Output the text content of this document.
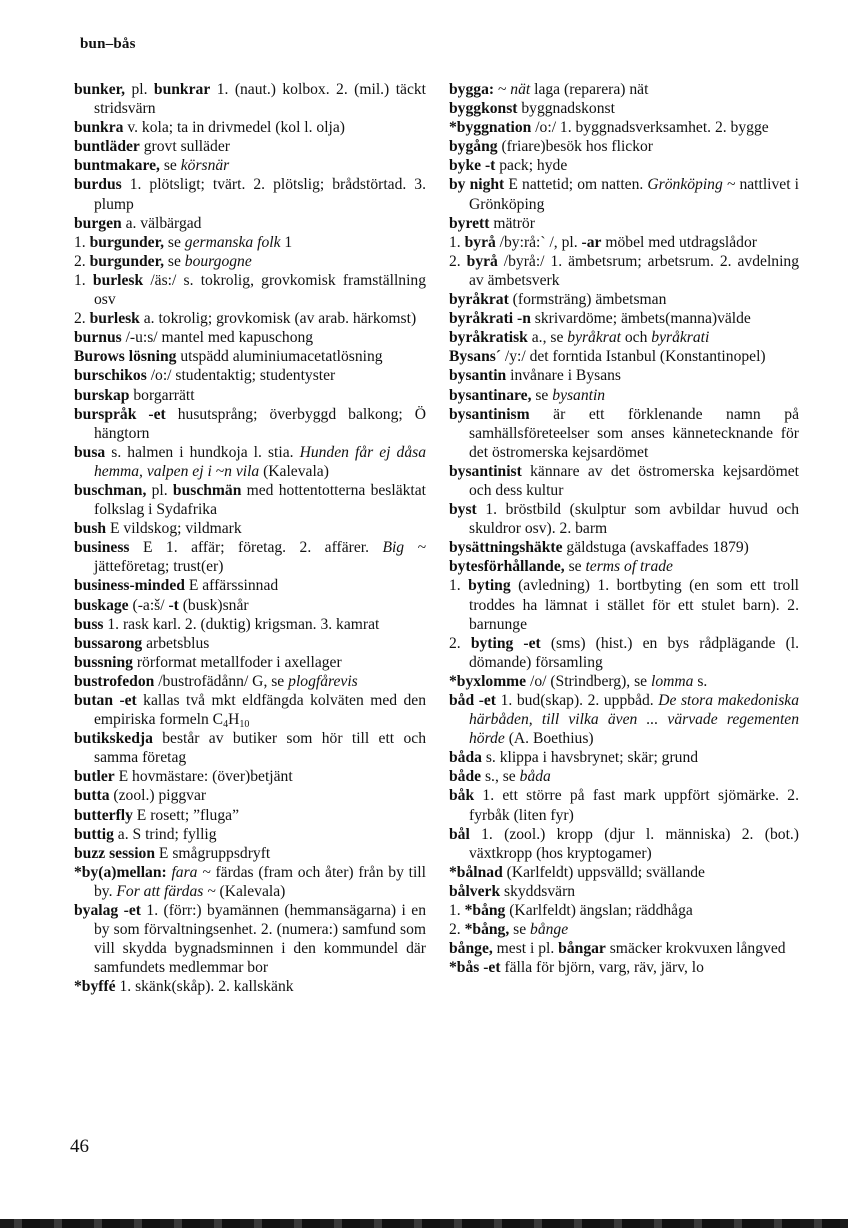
bun–bås

bunker, pl. bunkrar 1. (naut.) kolbox. 2. (mil.) täckt stridsvärn

bunkra v. kola; ta in drivmedel (kol l. olja)

buntläder grovt sulläder

buntmakare, se körsnär

burdus 1. plötsligt; tvärt. 2. plötslig; brådstörtad. 3. plump

burgen a. välbärgad

1. burgunder, se germanska folk 1

2. burgunder, se bourgogne

1. burlesk /äs:/ s. tokrolig, grovkomisk framställning osv

2. burlesk a. tokrolig; grovkomisk (av arab. härkomst)

burnus /-u:s/ mantel med kapuschong

Burows lösning utspädd aluminiumacetatlösning

burschikos /o:/ studentaktig; studentyster

burskap borgarrätt

burspråk -et husutsprång; överbyggd balkong; Ö hängtorn

busa s. halmen i hundkoja l. stia. Hunden får ej dåsa hemma, valpen ej i ~n vila (Kalevala)

buschman, pl. buschmän med hottentotterna besläktat folkslag i Sydafrika

bush E vildskog; vildmark

business E 1. affär; företag. 2. affärer. Big ~ jätteföretag; trust(er)

business-minded E affärssinnad

buskage (-a:š/ -t (busk)snår

buss 1. rask karl. 2. (duktig) krigsman. 3. kamrat

bussarong arbetsblus

bussning rörformat metallfoder i axellager

bustrofedon /bustrofädånn/ G, se plogfårevis

butan -et kallas två mkt eldfängda kolväten med den empiriska formeln $C_4H_{10}$

butikskedja består av butiker som hör till ett och samma företag

butler E hovmästare: (över)betjänt

butta (zool.) piggvar

butterfly E rosett; ”fluga”

buttig a. S trind; fyllig

buzz session E smågruppsdryft

*by(a)mellan: fara ~ färdas (fram och åter) från by till by. For att färdas ~ (Kalevala)

byalag -et 1. (förr:) byamännen (hemmansägarna) i en by som förvaltningsenhet. 2. (numera:) samfund som vill skydda bygnadsminnen i den kommundel där samfundets medlemmar bor

*byffé 1. skänk(skåp). 2. kallskänk

bygga: ~ nät laga (reparera) nät

byggkonst byggnadskonst

*byggnation /o:/ 1. byggnadsverksamhet. 2. bygge

bygång (friare)besök hos flickor

byke -t pack; hyde

by night E nattetid; om natten. Grönköping ~ nattlivet i Grönköping

byrett mätrör

1. byrå /by:rå:ˋ /, pl. -ar möbel med utdragslådor

2. byrå /byrå:/ 1. ämbetsrum; arbetsrum. 2. avdelning av ämbetsverk

byråkrat (formsträng) ämbetsman

byråkrati -n skrivardöme; ämbets(manna)välde

byråkratisk a., se byråkrat och byråkrati

Bysans´ /y:/ det forntida Istanbul (Konstantinopel)

bysantin invånare i Bysans

bysantinare, se bysantin

bysantinism är ett förklenande namn på samhällsföreteelser som anses kännetecknande för det östromerska kejsardömet

bysantinist kännare av det östromerska kejsardömet och dess kultur

byst 1. bröstbild (skulptur som avbildar huvud och skuldror osv). 2. barm

bysättningshäkte gäldstuga (avskaffades 1879)

bytesförhållande, se terms of trade

1. byting (avledning) 1. bortbyting (en som ett troll troddes ha lämnat i stället för ett stulet barn). 2. barnunge

2. byting -et (sms) (hist.) en bys rådplägande (l. dömande) församling

*byxlomme /o/ (Strindberg), se lomma s.

båd -et 1. bud(skap). 2. uppbåd. De stora makedoniska härbåden, till vilka även ... värvade regementen hörde (A. Boethius)

båda s. klippa i havsbrynet; skär; grund

både s., se båda

båk 1. ett större på fast mark uppfört sjömärke. 2. fyrbåk (liten fyr)

bål 1. (zool.) kropp (djur l. människa) 2. (bot.) växtkropp (hos kryptogamer)

*bålnad (Karlfeldt) uppsvälld; svällande

bålverk skyddsvärn

1. *bång (Karlfeldt) ängslan; räddhåga

2. *bång, se bånge

bånge, mest i pl. bångar smäcker krokvuxen långved

*bås -et fälla för björn, varg, räv, järv, lo

46
